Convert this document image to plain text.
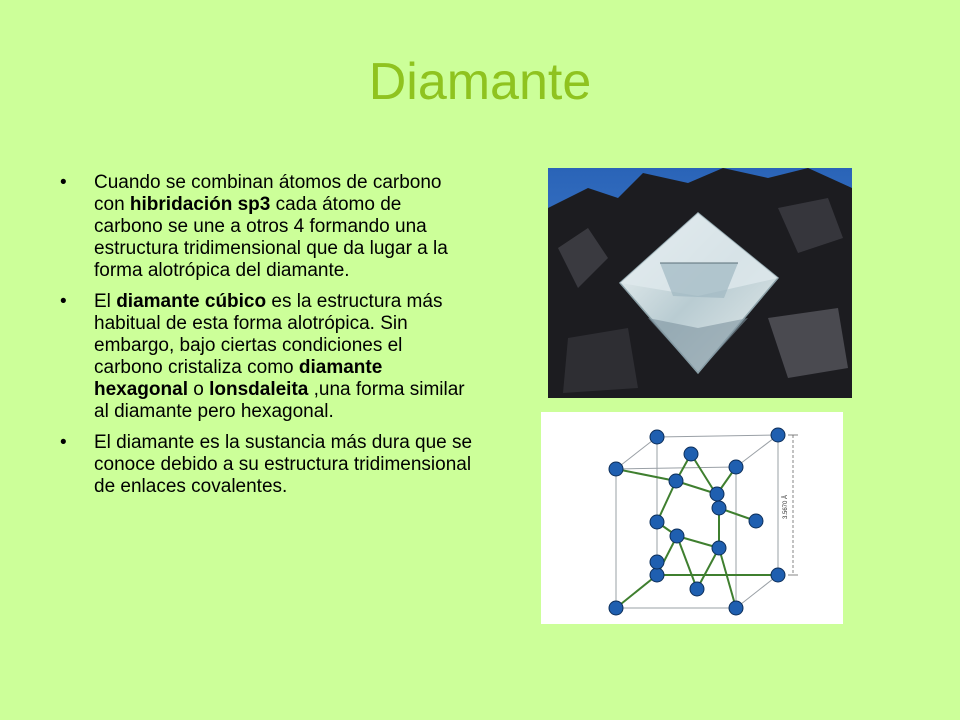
Diamante
• Cuando se combinan átomos de carbono con hibridación sp3 cada átomo de carbono se une a otros 4 formando una estructura tridimensional que da lugar a la forma alotrópica del diamante.
• El diamante cúbico es la estructura más habitual de esta forma alotrópica. Sin embargo, bajo ciertas condiciones el carbono cristaliza como diamante hexagonal o lonsdaleita ,una forma similar al diamante pero hexagonal.
• El diamante es la sustancia más dura que se conoce debido a su estructura tridimensional de enlaces covalentes.
3.5670 Å
